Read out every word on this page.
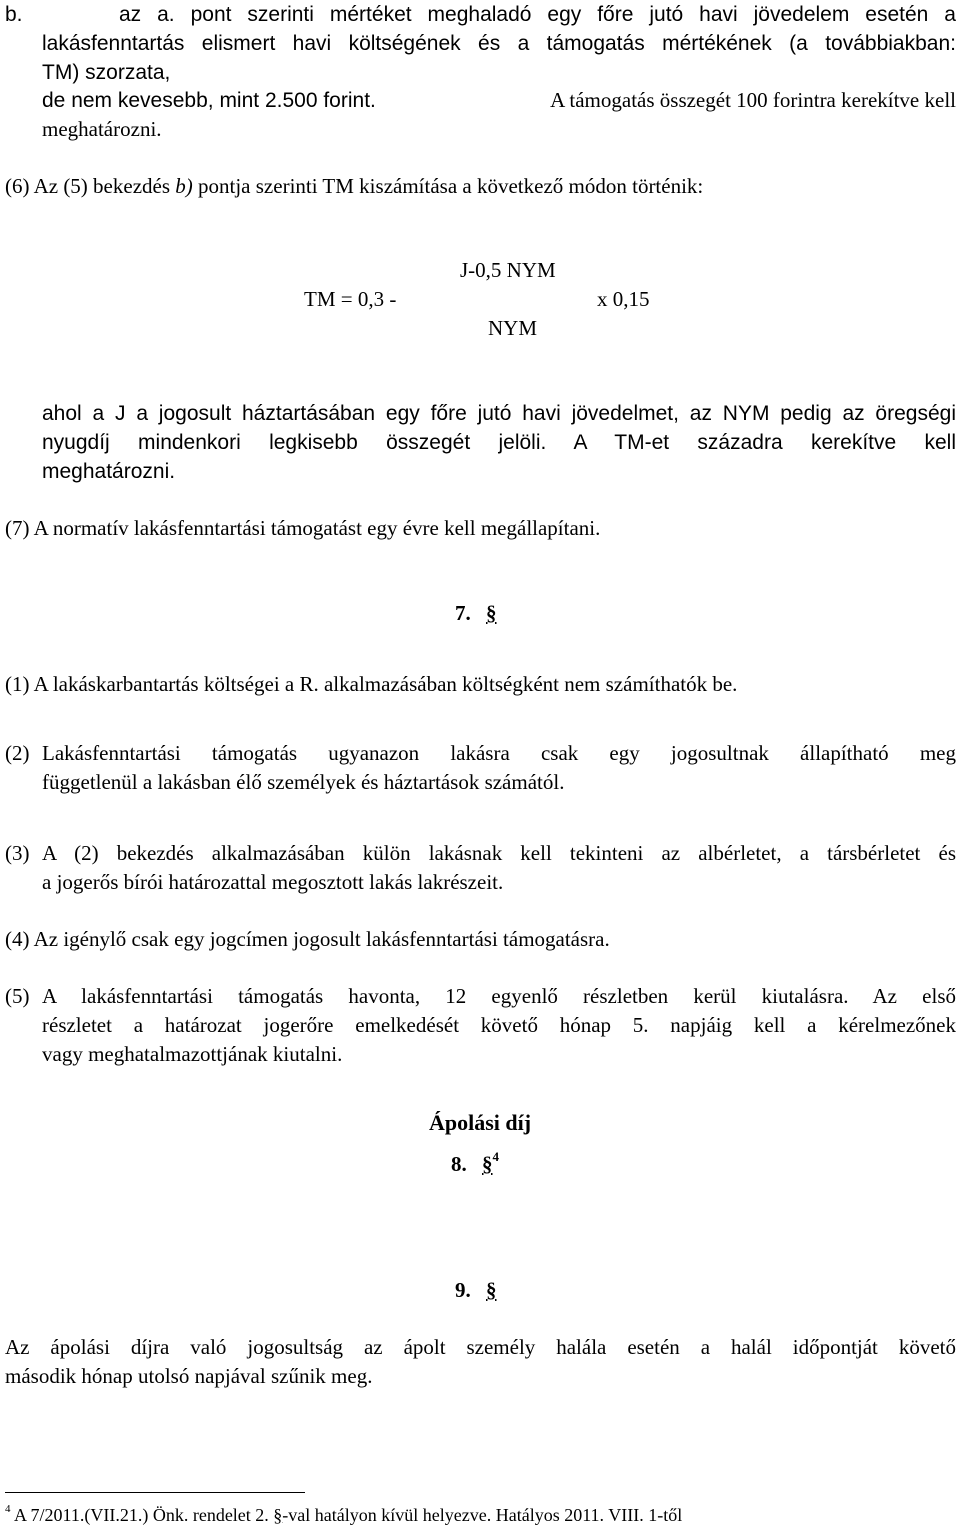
b.	az a. pont szerinti mértéket meghaladó egy főre jutó havi jövedelem esetén a
lakásfenntartás elismert havi költségének és a támogatás mértékének (a továbbiakban:
TM) szorzata,
de nem kevesebb, mint 2.500 forint.	A támogatás összegét 100 forintra kerekítve kell
meghatározni.
(6) Az (5) bekezdés b) pontja szerinti TM kiszámítása a következő módon történik:
TM = 0,3 -
J-0,5 NYM
x 0,15
NYM
ahol a J a jogosult háztartásában egy főre jutó havi jövedelmet, az NYM pedig az öregségi
nyugdíj mindenkori legkisebb összegét jelöli. A TM-et századra kerekítve kell
meghatározni.
(7) A normatív lakásfenntartási támogatást egy évre kell megállapítani.
7. §
(1) A lakáskarbantartás költségei a R. alkalmazásában költségként nem számíthatók be.
(2) Lakásfenntartási támogatás ugyanazon lakásra csak egy jogosultnak állapítható meg
függetlenül a lakásban élő személyek és háztartások számától.
(3) A (2) bekezdés alkalmazásában külön lakásnak kell tekinteni az albérletet, a társbérletet és
a jogerős bírói határozattal megosztott lakás lakrészeit.
(4) Az igénylő csak egy jogcímen jogosult lakásfenntartási támogatásra.
(5) A lakásfenntartási támogatás havonta, 12 egyenlő részletben kerül kiutalásra. Az első
részletet a határozat jogerőre emelkedését követő hónap 5. napjáig kell a kérelmezőnek
vagy meghatalmazottjának kiutalni.
Ápolási díj
8. §$^4$
9. §
Az ápolási díjra való jogosultság az ápolt személy halála esetén a halál időpontját követő
második hónap utolsó napjával szűnik meg.
$^4$ A 7/2011.(VII.21.) Önk. rendelet 2. §-val hatályon kívül helyezve. Hatályos 2011. VIII. 1-től
